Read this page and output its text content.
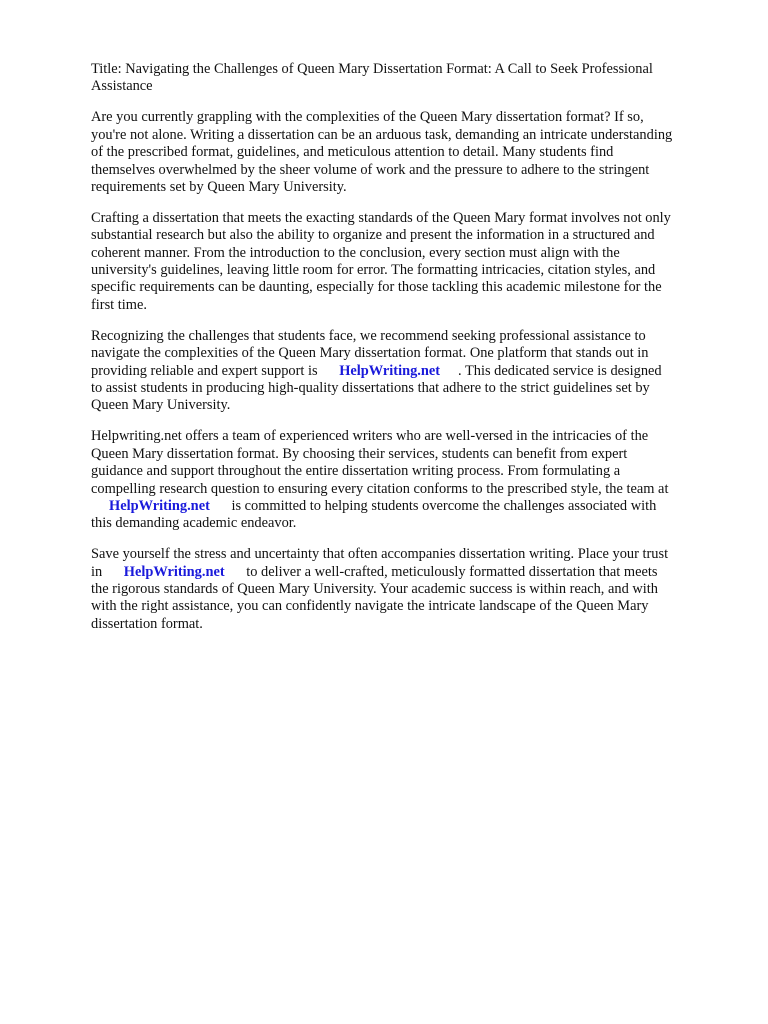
Title: Navigating the Challenges of Queen Mary Dissertation Format: A Call to Seek Professional
Assistance

Are you currently grappling with the complexities of the Queen Mary dissertation format? If so,
you're not alone. Writing a dissertation can be an arduous task, demanding an intricate understanding
of the prescribed format, guidelines, and meticulous attention to detail. Many students find
themselves overwhelmed by the sheer volume of work and the pressure to adhere to the stringent
requirements set by Queen Mary University.

Crafting a dissertation that meets the exacting standards of the Queen Mary format involves not only
substantial research but also the ability to organize and present the information in a structured and
coherent manner. From the introduction to the conclusion, every section must align with the
university's guidelines, leaving little room for error. The formatting intricacies, citation styles, and
specific requirements can be daunting, especially for those tackling this academic milestone for the
first time.

Recognizing the challenges that students face, we recommend seeking professional assistance to
navigate the complexities of the Queen Mary dissertation format. One platform that stands out in
providing reliable and expert support is      HelpWriting.net     . This dedicated service is designed
to assist students in producing high-quality dissertations that adhere to the strict guidelines set by
Queen Mary University.

Helpwriting.net offers a team of experienced writers who are well-versed in the intricacies of the
Queen Mary dissertation format. By choosing their services, students can benefit from expert
guidance and support throughout the entire dissertation writing process. From formulating a
compelling research question to ensuring every citation conforms to the prescribed style, the team at
HelpWriting.net      is committed to helping students overcome the challenges associated with
this demanding academic endeavor.

Save yourself the stress and uncertainty that often accompanies dissertation writing. Place your trust
in      HelpWriting.net      to deliver a well-crafted, meticulously formatted dissertation that meets
the rigorous standards of Queen Mary University. Your academic success is within reach, and with
with the right assistance, you can confidently navigate the intricate landscape of the Queen Mary
dissertation format.
